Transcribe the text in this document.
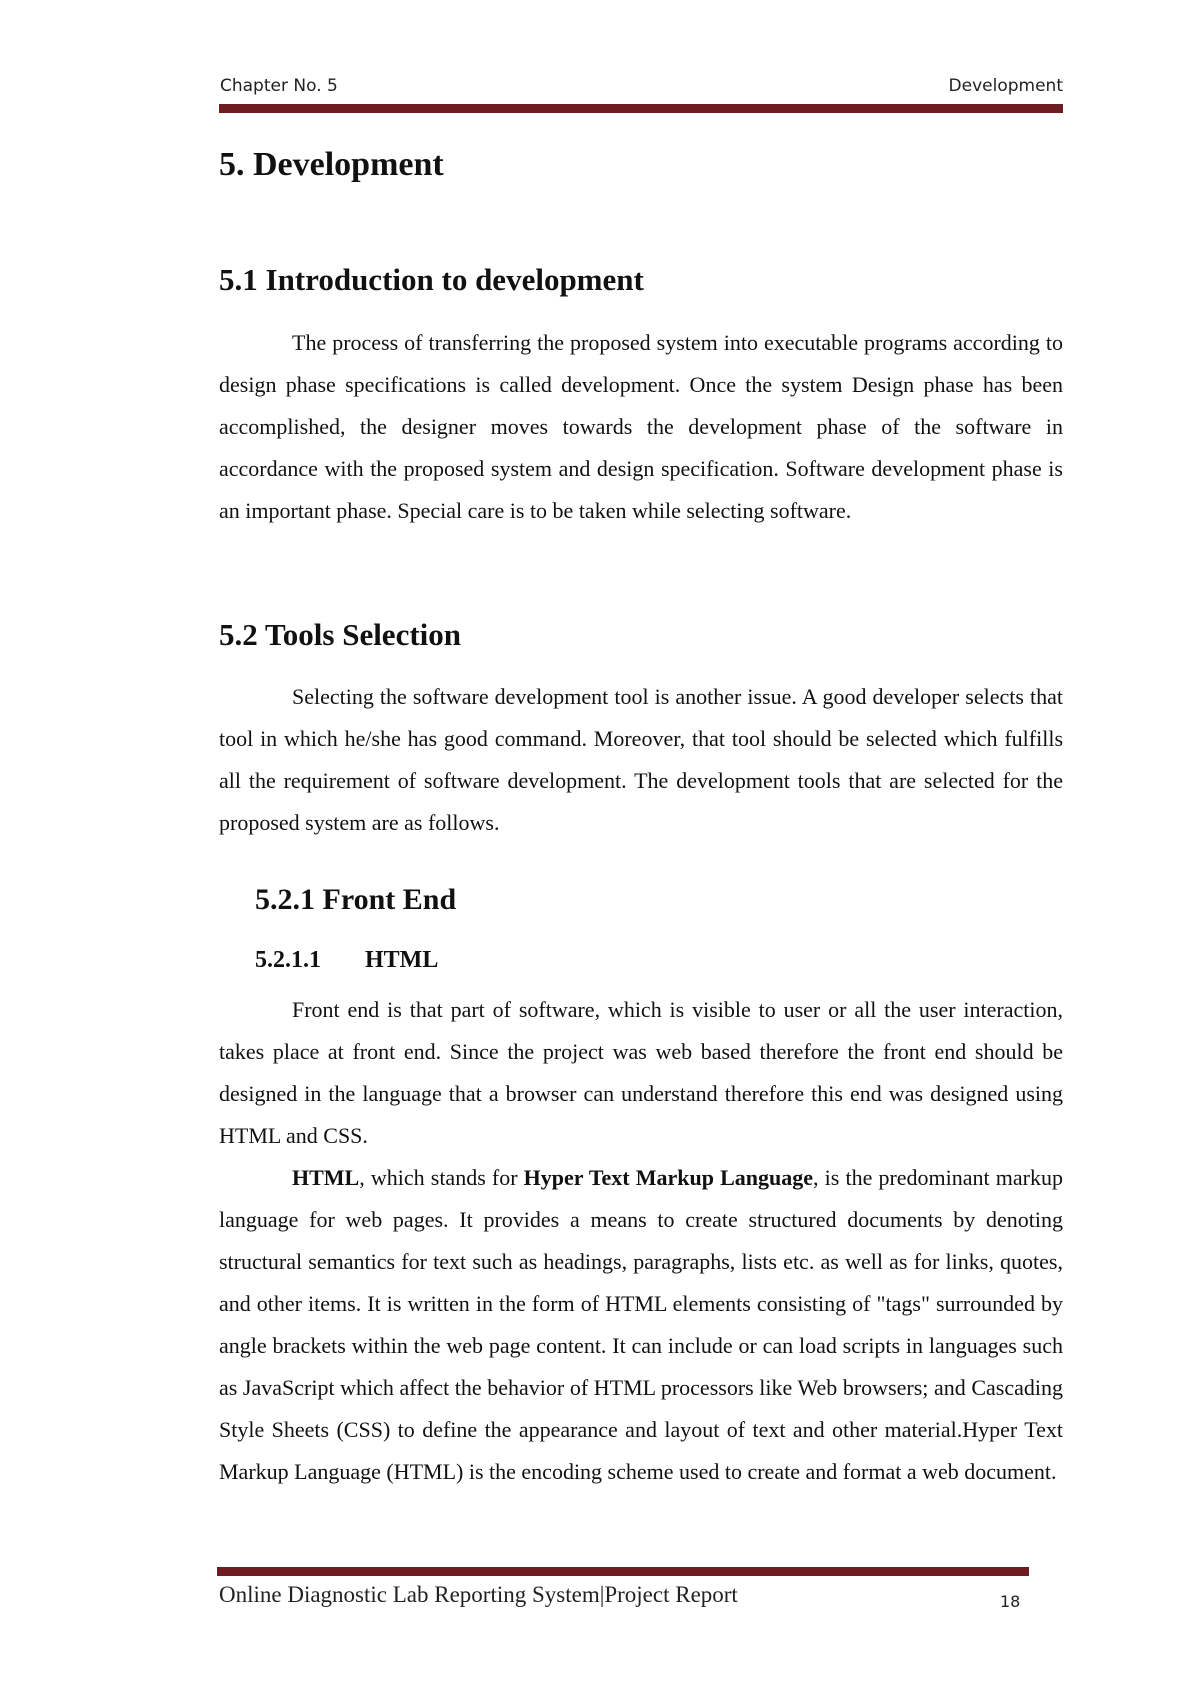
Chapter No. 5	Development
5. Development
5.1 Introduction to development

The process of transferring the proposed system into executable programs according to design phase specifications is called development. Once the system Design phase has been accomplished, the designer moves towards the development phase of the software in accordance with the proposed system and design specification. Software development phase is an important phase. Special care is to be taken while selecting software.

5.2 Tools Selection

Selecting the software development tool is another issue. A good developer selects that tool in which he/she has good command. Moreover, that tool should be selected which fulfills all the requirement of software development. The development tools that are selected for the proposed system are as follows.

5.2.1 Front End
5.2.1.1 HTML

Front end is that part of software, which is visible to user or all the user interaction, takes place at front end. Since the project was web based therefore the front end should be designed in the language that a browser can understand therefore this end was designed using HTML and CSS.

HTML, which stands for Hyper Text Markup Language, is the predominant markup language for web pages. It provides a means to create structured documents by denoting structural semantics for text such as headings, paragraphs, lists etc. as well as for links, quotes, and other items. It is written in the form of HTML elements consisting of "tags" surrounded by angle brackets within the web page content. It can include or can load scripts in languages such as JavaScript which affect the behavior of HTML processors like Web browsers; and Cascading Style Sheets (CSS) to define the appearance and layout of text and other material.Hyper Text Markup Language (HTML) is the encoding scheme used to create and format a web document.

Online Diagnostic Lab Reporting System|Project Report	18
